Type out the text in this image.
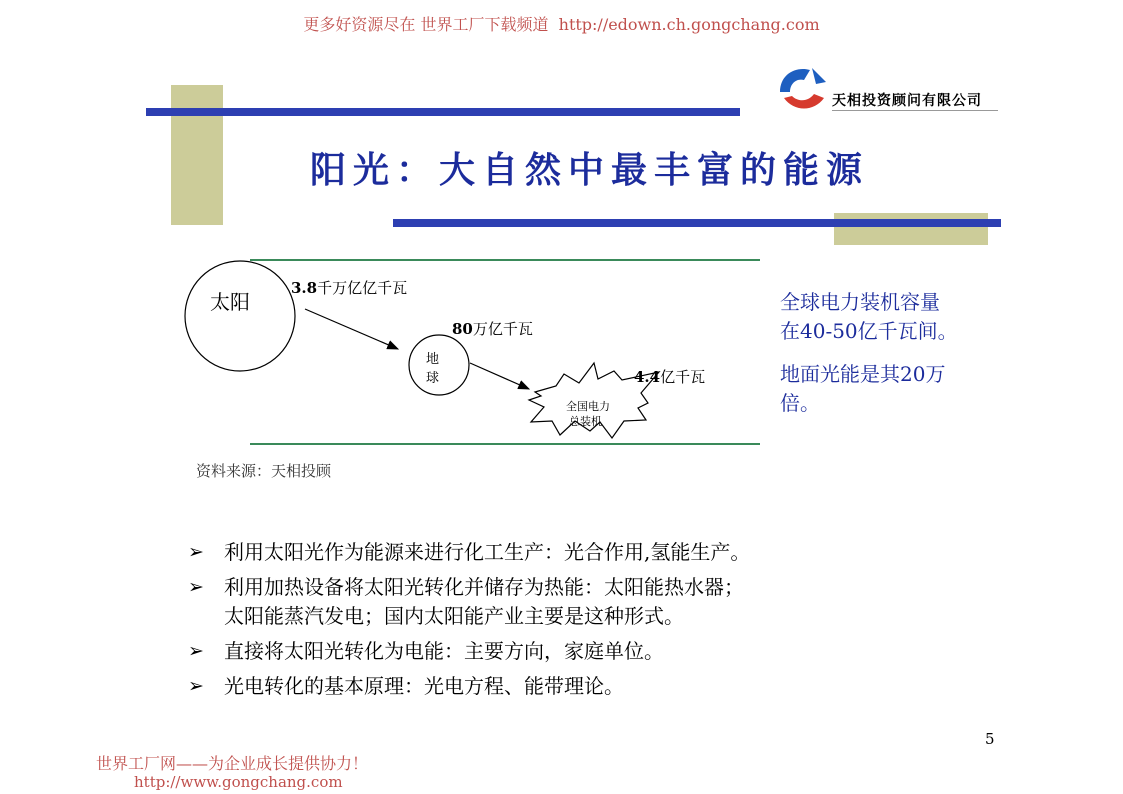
更多好资源尽在 世界工厂下载频道  http://edown.ch.gongchang.com
天相投资顾问有限公司
阳光：大自然中最丰富的能源
太阳
3.8千万亿亿千瓦
80万亿千瓦
地
球	4.4亿千瓦
全国电力
总装机
全球电力装机容量
在40-50亿千瓦间。
地面光能是其20万
倍。
资料来源：天相投顾
➢ 利用太阳光作为能源来进行化工生产：光合作用,氢能生产。
➢ 利用加热设备将太阳光转化并储存为热能：太阳能热水器；
太阳能蒸汽发电；国内太阳能产业主要是这种形式。
➢ 直接将太阳光转化为电能：主要方向，家庭单位。
➢ 光电转化的基本原理：光电方程、能带理论。
5
世界工厂网——为企业成长提供协力！
http://www.gongchang.com
